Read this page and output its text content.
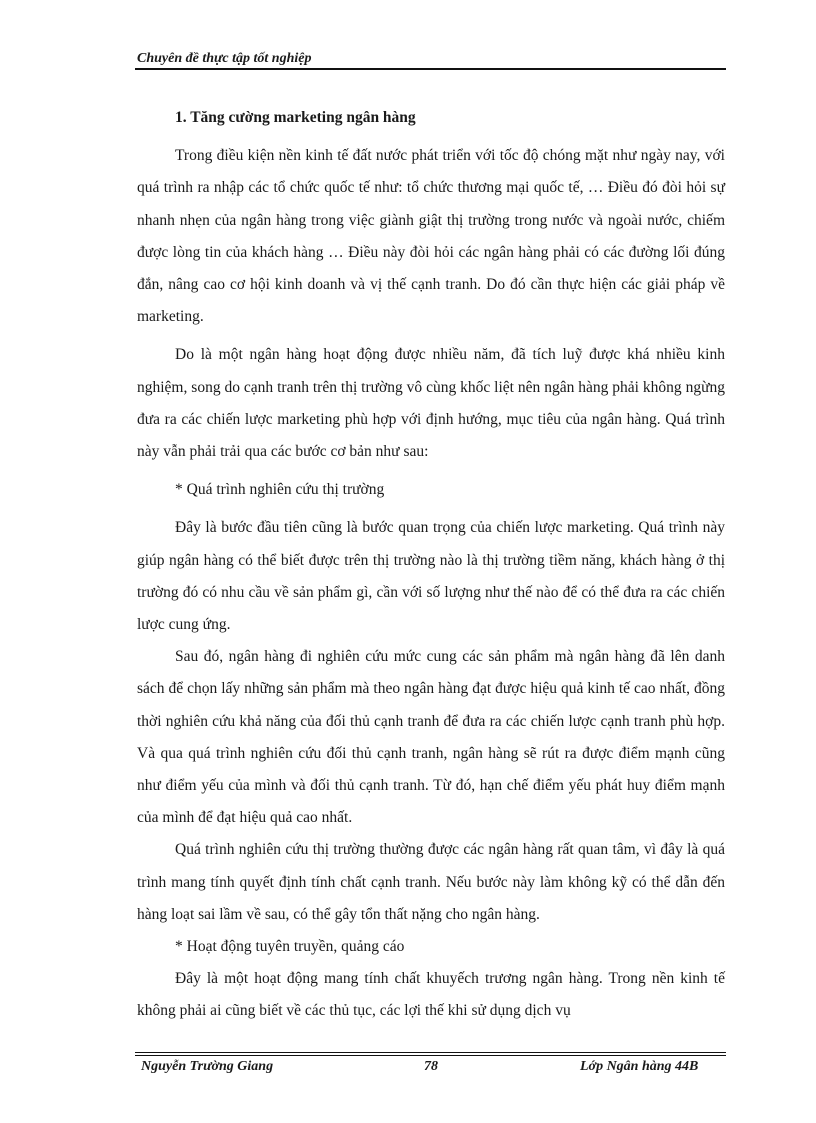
Chuyên đề thực tập tốt nghiệp

1. Tăng cường marketing ngân hàng

Trong điều kiện nền kinh tế đất nước phát triển với tốc độ chóng mặt như ngày nay, với quá trình ra nhập các tổ chức quốc tế như: tổ chức thương mại quốc tế, … Điều đó đòi hỏi sự nhanh nhẹn của ngân hàng trong việc giành giật thị trường trong nước và ngoài nước, chiếm được lòng tin của khách hàng … Điều này đòi hỏi các ngân hàng phải có các đường lối đúng đắn, nâng cao cơ hội kinh doanh và vị thế cạnh tranh. Do đó cần thực hiện các giải pháp về marketing.

Do là một ngân hàng hoạt động được nhiều năm, đã tích luỹ được khá nhiều kinh nghiệm, song do cạnh tranh trên thị trường vô cùng khốc liệt nên ngân hàng phải không ngừng đưa ra các chiến lược marketing phù hợp với định hướng, mục tiêu của ngân hàng. Quá trình này vẫn phải trải qua các bước cơ bản như sau:

* Quá trình nghiên cứu thị trường

Đây là bước đầu tiên cũng là bước quan trọng của chiến lược marketing. Quá trình này giúp ngân hàng có thể biết được trên thị trường nào là thị trường tiềm năng, khách hàng ở thị trường đó có nhu cầu về sản phẩm gì, cần với số lượng như thế nào để có thể đưa ra các chiến lược cung ứng.

Sau đó, ngân hàng đi nghiên cứu mức cung các sản phẩm mà ngân hàng đã lên danh sách để chọn lấy những sản phẩm mà theo ngân hàng đạt được hiệu quả kinh tế cao nhất, đồng thời nghiên cứu khả năng của đối thủ cạnh tranh để đưa ra các chiến lược cạnh tranh phù hợp. Và qua quá trình nghiên cứu đối thủ cạnh tranh, ngân hàng sẽ rút ra được điểm mạnh cũng như điểm yếu của mình và đối thủ cạnh tranh. Từ đó, hạn chế điểm yếu phát huy điểm mạnh của mình để đạt hiệu quả cao nhất.

Quá trình nghiên cứu thị trường thường được các ngân hàng rất quan tâm, vì đây là quá trình mang tính quyết định tính chất cạnh tranh. Nếu bước này làm không kỹ có thể dẫn đến hàng loạt sai lầm về sau, có thể gây tổn thất nặng cho ngân hàng.

* Hoạt động tuyên truyền, quảng cáo

Đây là một hoạt động mang tính chất khuyếch trương ngân hàng. Trong nền kinh tế không phải ai cũng biết về các thủ tục, các lợi thế khi sử dụng dịch vụ

Nguyễn Trường Giang	78	Lớp Ngân hàng 44B
